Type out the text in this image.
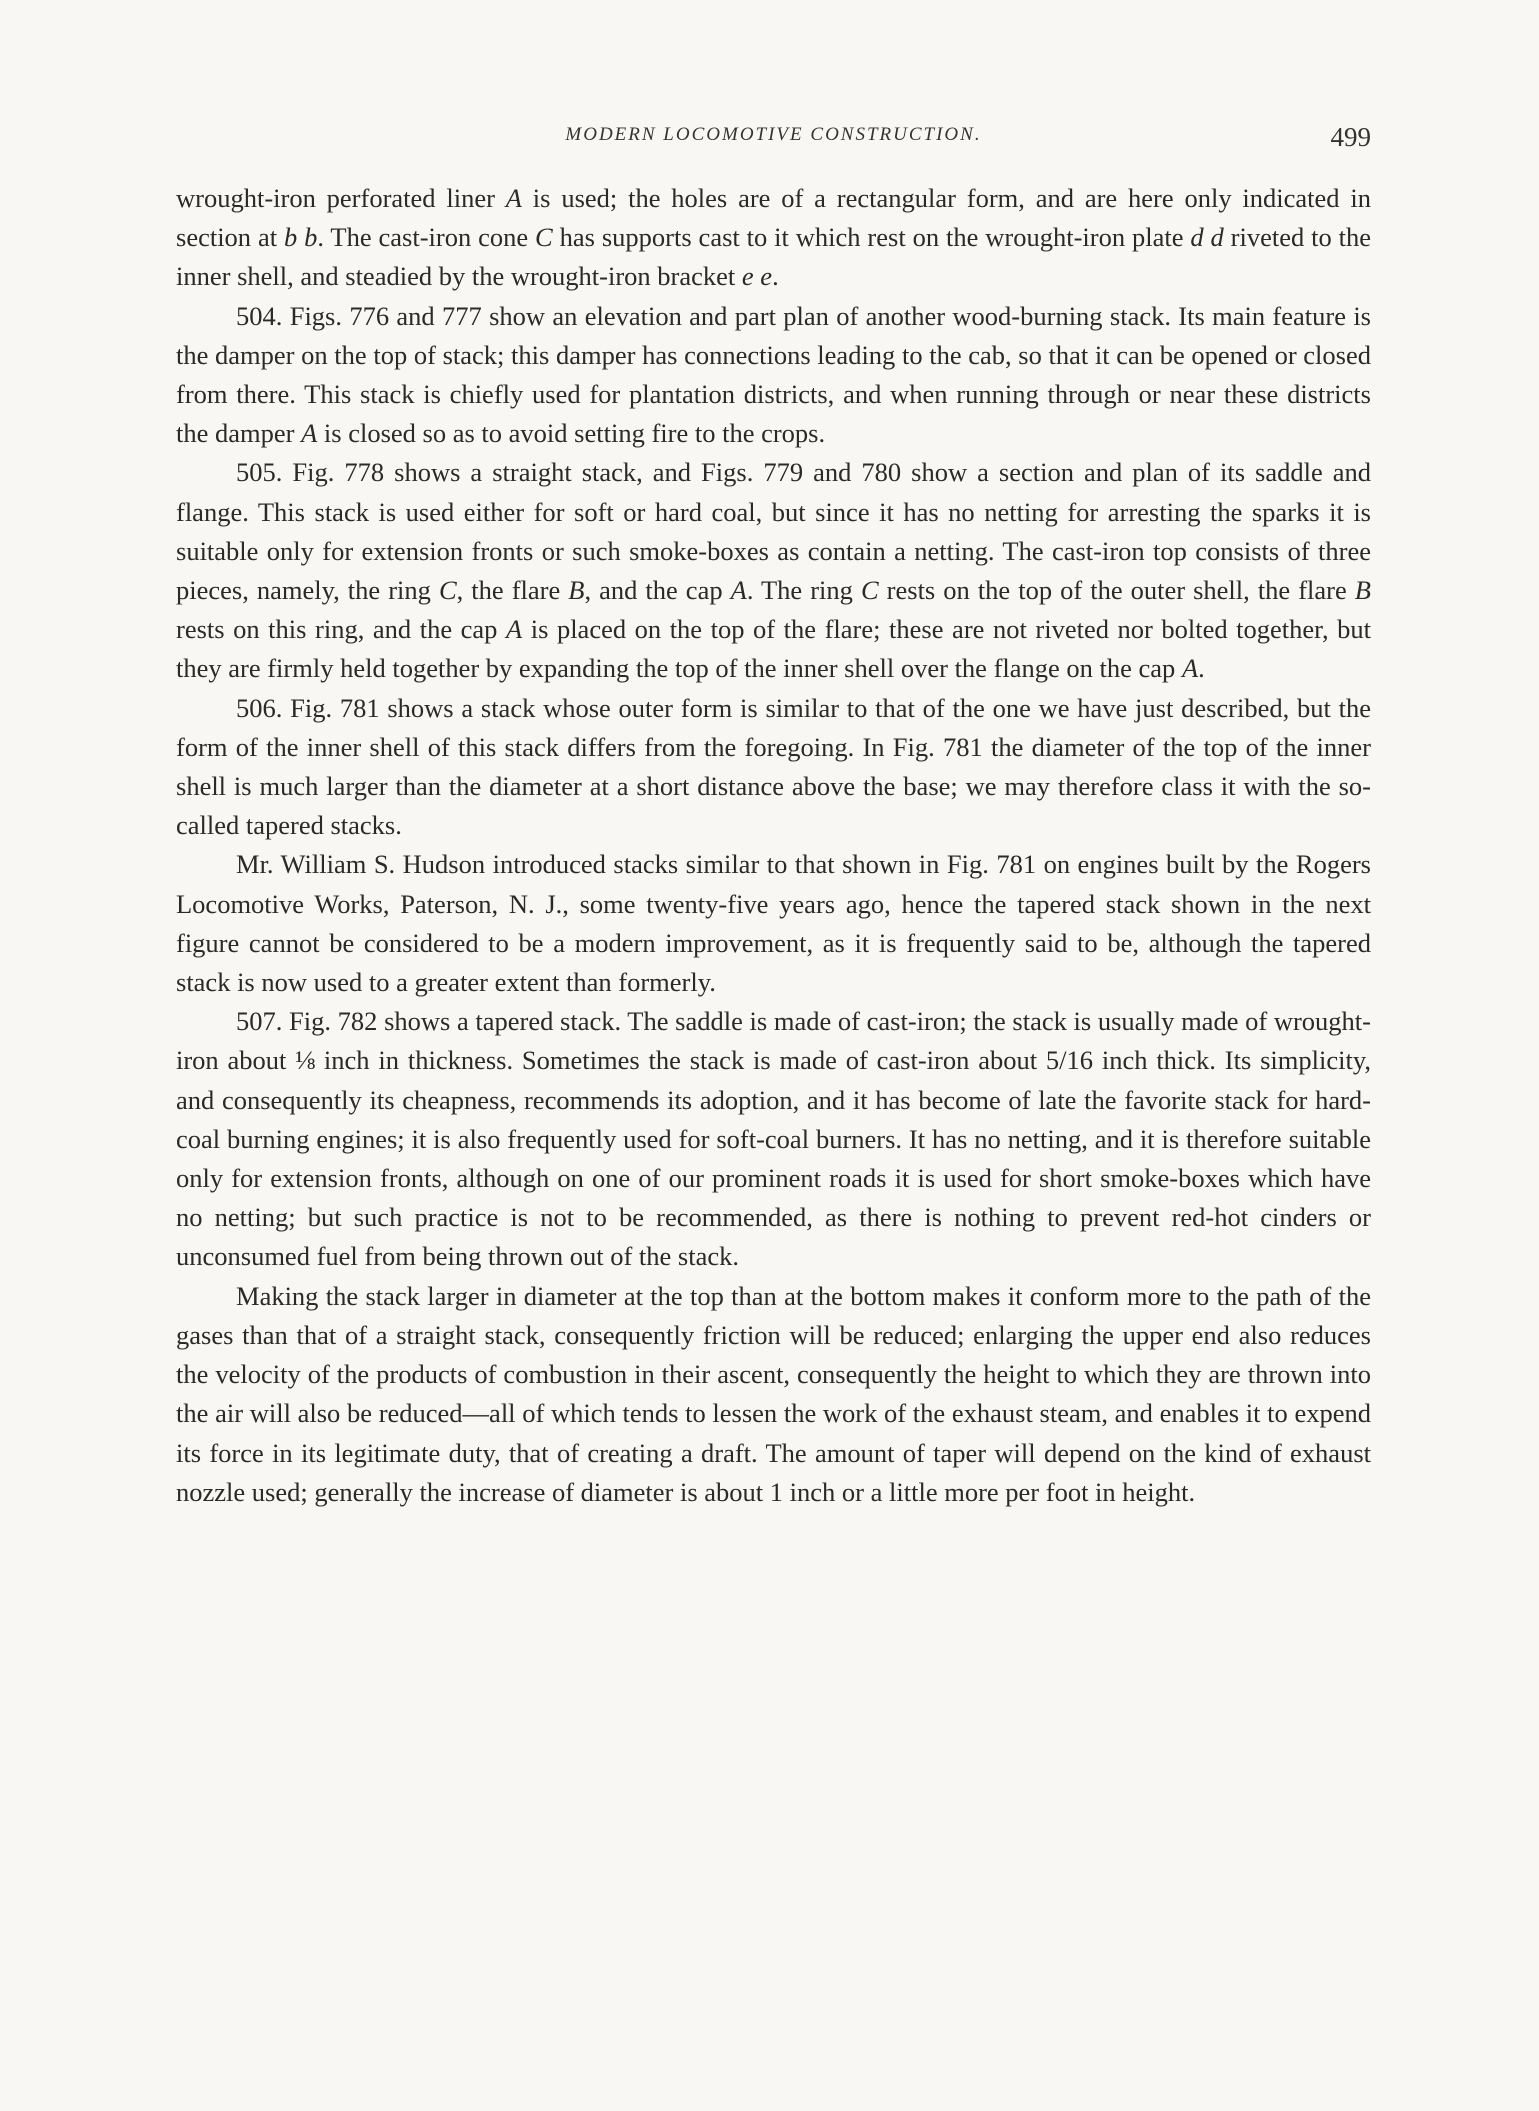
MODERN LOCOMOTIVE CONSTRUCTION.	499

wrought-iron perforated liner A is used; the holes are of a rectangular form, and are here only indicated in section at b b. The cast-iron cone C has supports cast to it which rest on the wrought-iron plate d d riveted to the inner shell, and steadied by the wrought-iron bracket e e.

504. Figs. 776 and 777 show an elevation and part plan of another wood-burning stack. Its main feature is the damper on the top of stack; this damper has connections leading to the cab, so that it can be opened or closed from there. This stack is chiefly used for plantation districts, and when running through or near these districts the damper A is closed so as to avoid setting fire to the crops.

505. Fig. 778 shows a straight stack, and Figs. 779 and 780 show a section and plan of its saddle and flange. This stack is used either for soft or hard coal, but since it has no netting for arresting the sparks it is suitable only for extension fronts or such smoke-boxes as contain a netting. The cast-iron top consists of three pieces, namely, the ring C, the flare B, and the cap A. The ring C rests on the top of the outer shell, the flare B rests on this ring, and the cap A is placed on the top of the flare; these are not riveted nor bolted together, but they are firmly held together by expanding the top of the inner shell over the flange on the cap A.

506. Fig. 781 shows a stack whose outer form is similar to that of the one we have just described, but the form of the inner shell of this stack differs from the foregoing. In Fig. 781 the diameter of the top of the inner shell is much larger than the diameter at a short distance above the base; we may therefore class it with the so-called tapered stacks.

Mr. William S. Hudson introduced stacks similar to that shown in Fig. 781 on engines built by the Rogers Locomotive Works, Paterson, N. J., some twenty-five years ago, hence the tapered stack shown in the next figure cannot be considered to be a modern improvement, as it is frequently said to be, although the tapered stack is now used to a greater extent than formerly.

507. Fig. 782 shows a tapered stack. The saddle is made of cast-iron; the stack is usually made of wrought-iron about ⅛ inch in thickness. Sometimes the stack is made of cast-iron about 5/16 inch thick. Its simplicity, and consequently its cheapness, recommends its adoption, and it has become of late the favorite stack for hard-coal burning engines; it is also frequently used for soft-coal burners. It has no netting, and it is therefore suitable only for extension fronts, although on one of our prominent roads it is used for short smoke-boxes which have no netting; but such practice is not to be recommended, as there is nothing to prevent red-hot cinders or unconsumed fuel from being thrown out of the stack.

Making the stack larger in diameter at the top than at the bottom makes it conform more to the path of the gases than that of a straight stack, consequently friction will be reduced; enlarging the upper end also reduces the velocity of the products of combustion in their ascent, consequently the height to which they are thrown into the air will also be reduced—all of which tends to lessen the work of the exhaust steam, and enables it to expend its force in its legitimate duty, that of creating a draft. The amount of taper will depend on the kind of exhaust nozzle used; generally the increase of diameter is about 1 inch or a little more per foot in height.
